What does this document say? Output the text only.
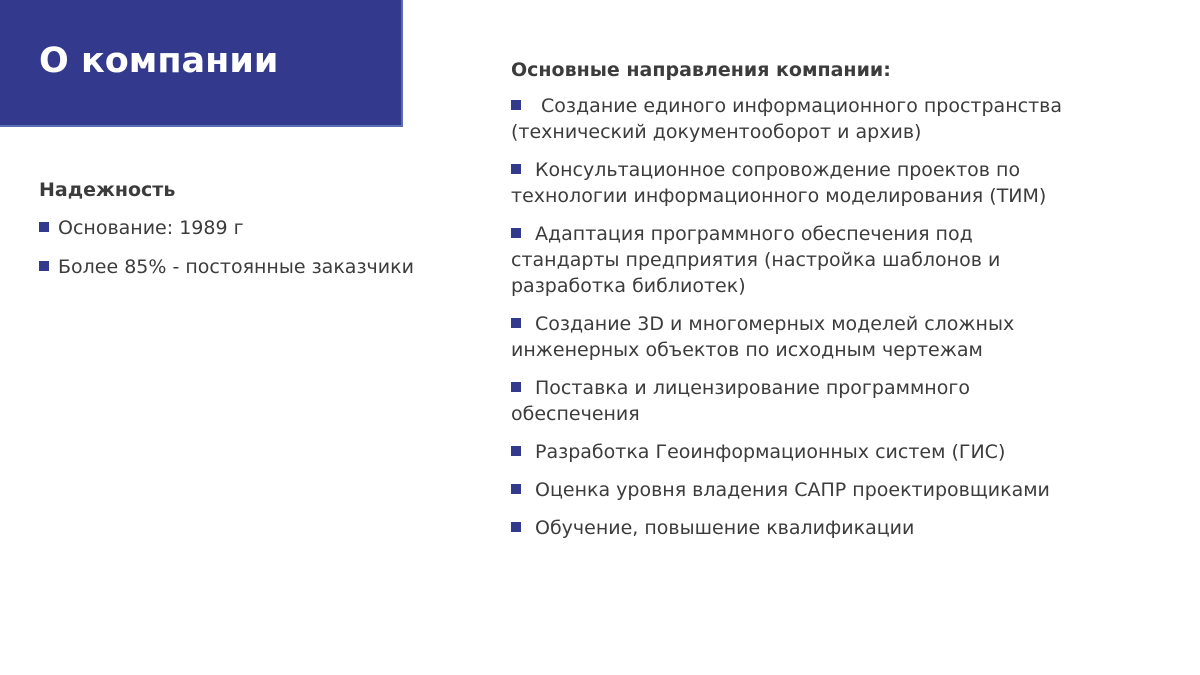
О компании
Надежность
Основание: 1989 г
Более 85% - постоянные заказчики
Основные направления компании:
Создание единого информационного пространства
(технический документооборот и архив)
Консультационное сопровождение проектов по
технологии информационного моделирования (ТИМ)
Адаптация программного обеспечения под
стандарты предприятия (настройка шаблонов и
разработка библиотек)
Создание 3D и многомерных моделей сложных
инженерных объектов по исходным чертежам
Поставка и лицензирование программного
обеспечения
Разработка Геоинформационных систем (ГИС)
Оценка уровня владения САПР проектировщиками
Обучение, повышение квалификации
